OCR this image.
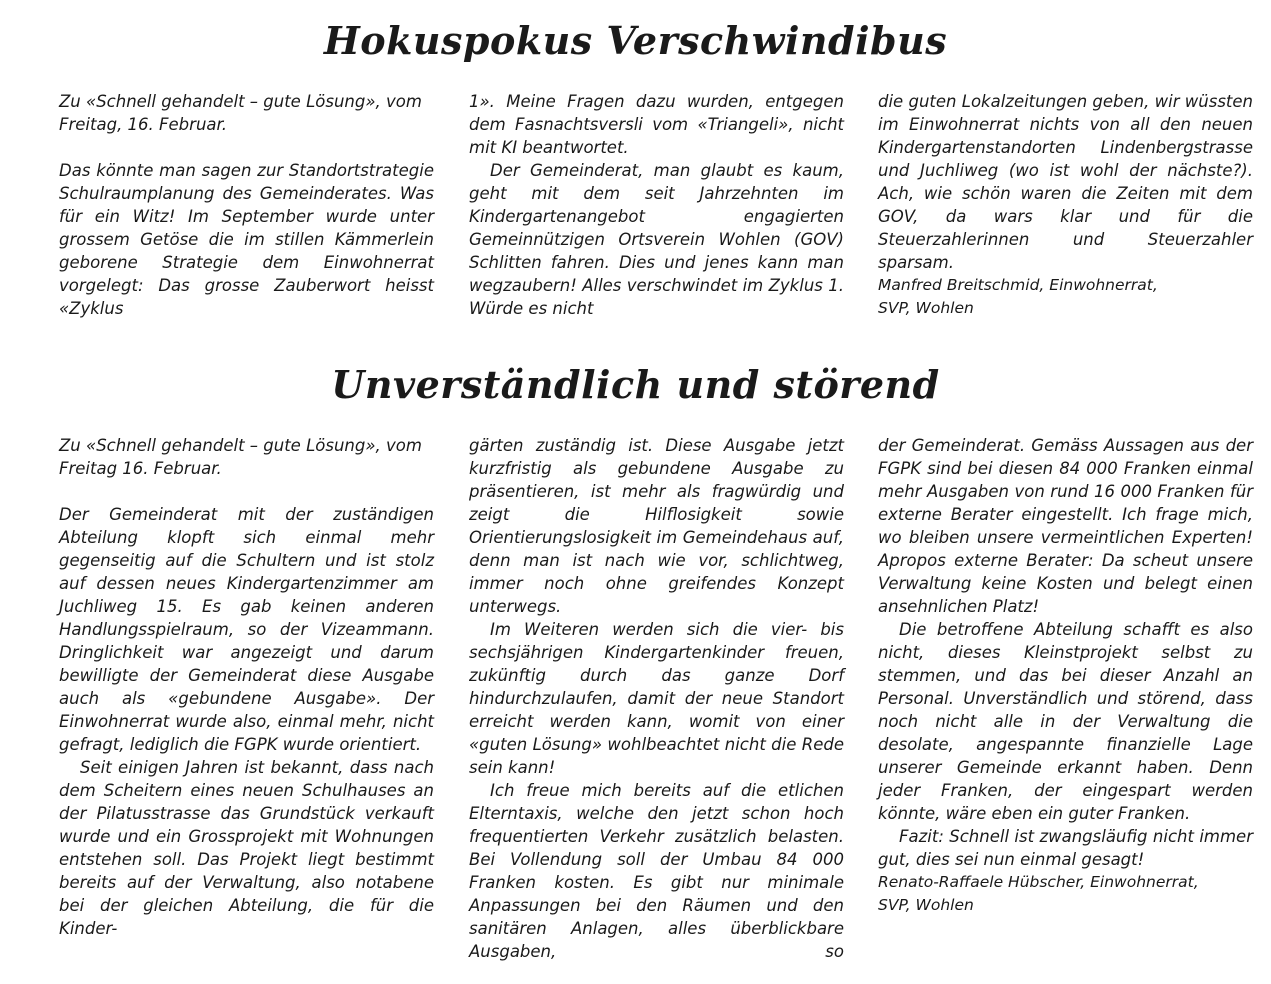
Hokuspokus Verschwindibus

Zu «Schnell gehandelt – gute Lösung», vom Freitag, 16. Februar.

Das könnte man sagen zur Standortstrategie Schulraumplanung des Gemeinderates. Was für ein Witz! Im September wurde unter grossem Getöse die im stillen Kämmerlein geborene Strategie dem Einwohnerrat vorgelegt: Das grosse Zauberwort heisst «Zyklus

1». Meine Fragen dazu wurden, entgegen dem Fasnachtsversli vom «Triangeli», nicht mit KI beantwortet.

Der Gemeinderat, man glaubt es kaum, geht mit dem seit Jahrzehnten im Kindergartenangebot engagierten Gemeinnützigen Ortsverein Wohlen (GOV) Schlitten fahren. Dies und jenes kann man wegzaubern! Alles verschwindet im Zyklus 1. Würde es nicht

die guten Lokalzeitungen geben, wir wüssten im Einwohnerrat nichts von all den neuen Kindergartenstandorten Lindenbergstrasse und Juchliweg (wo ist wohl der nächste?). Ach, wie schön waren die Zeiten mit dem GOV, da wars klar und für die Steuerzahlerinnen und Steuerzahler sparsam.

Manfred Breitschmid, Einwohnerrat,

SVP, Wohlen

Unverständlich und störend

Zu «Schnell gehandelt – gute Lösung», vom Freitag 16. Februar.

Der Gemeinderat mit der zuständigen Abteilung klopft sich einmal mehr gegenseitig auf die Schultern und ist stolz auf dessen neues Kindergartenzimmer am Juchliweg 15. Es gab keinen anderen Handlungsspielraum, so der Vizeammann. Dringlichkeit war angezeigt und darum bewilligte der Gemeinderat diese Ausgabe auch als «gebundene Ausgabe». Der Einwohnerrat wurde also, einmal mehr, nicht gefragt, lediglich die FGPK wurde orientiert.

Seit einigen Jahren ist bekannt, dass nach dem Scheitern eines neuen Schulhauses an der Pilatusstrasse das Grundstück verkauft wurde und ein Grossprojekt mit Wohnungen entstehen soll. Das Projekt liegt bestimmt bereits auf der Verwaltung, also notabene bei der gleichen Abteilung, die für die Kinder-

gärten zuständig ist. Diese Ausgabe jetzt kurzfristig als gebundene Ausgabe zu präsentieren, ist mehr als fragwürdig und zeigt die Hilflosigkeit sowie Orientierungslosigkeit im Gemeindehaus auf, denn man ist nach wie vor, schlichtweg, immer noch ohne greifendes Konzept unterwegs.

Im Weiteren werden sich die vier- bis sechsjährigen Kindergartenkinder freuen, zukünftig durch das ganze Dorf hindurchzulaufen, damit der neue Standort erreicht werden kann, womit von einer «guten Lösung» wohlbeachtet nicht die Rede sein kann!

Ich freue mich bereits auf die etlichen Elterntaxis, welche den jetzt schon hoch frequentierten Verkehr zusätzlich belasten. Bei Vollendung soll der Umbau 84 000 Franken kosten. Es gibt nur minimale Anpassungen bei den Räumen und den sanitären Anlagen, alles überblickbare Ausgaben, so

der Gemeinderat. Gemäss Aussagen aus der FGPK sind bei diesen 84 000 Franken einmal mehr Ausgaben von rund 16 000 Franken für externe Berater eingestellt. Ich frage mich, wo bleiben unsere vermeintlichen Experten! Apropos externe Berater: Da scheut unsere Verwaltung keine Kosten und belegt einen ansehnlichen Platz!

Die betroffene Abteilung schafft es also nicht, dieses Kleinstprojekt selbst zu stemmen, und das bei dieser Anzahl an Personal. Unverständlich und störend, dass noch nicht alle in der Verwaltung die desolate, angespannte finanzielle Lage unserer Gemeinde erkannt haben. Denn jeder Franken, der eingespart werden könnte, wäre eben ein guter Franken.

Fazit: Schnell ist zwangsläufig nicht immer gut, dies sei nun einmal gesagt!

Renato-Raffaele Hübscher, Einwohnerrat,

SVP, Wohlen
